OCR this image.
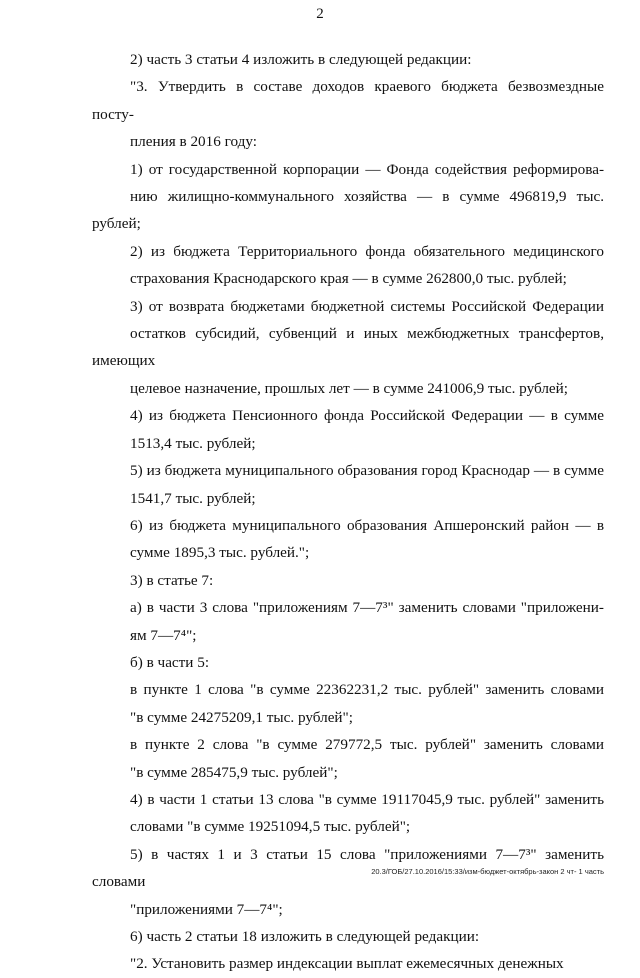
2
2) часть 3 статьи 4 изложить в следующей редакции:
"3. Утвердить в составе доходов краевого бюджета безвозмездные посту-
пления в 2016 году:
1) от государственной корпорации — Фонда содействия реформирова-
нию жилищно-коммунального хозяйства — в сумме 496819,9 тыс. рублей;
2) из бюджета Территориального фонда обязательного медицинского
страхования Краснодарского края — в сумме 262800,0 тыс. рублей;
3) от возврата бюджетами бюджетной системы Российской Федерации
остатков субсидий, субвенций и иных межбюджетных трансфертов, имеющих
целевое назначение, прошлых лет — в сумме 241006,9 тыс. рублей;
4) из бюджета Пенсионного фонда Российской Федерации — в сумме
1513,4 тыс. рублей;
5) из бюджета муниципального образования город Краснодар — в сумме
1541,7 тыс. рублей;
6) из бюджета муниципального образования Апшеронский район — в
сумме 1895,3 тыс. рублей.";
3) в статье 7:
а) в части 3 слова "приложениям 7—7³" заменить словами "приложени-
ям 7—7⁴";
б) в части 5:
в пункте 1 слова "в сумме 22362231,2 тыс. рублей" заменить словами
"в сумме 24275209,1 тыс. рублей";
в пункте 2 слова "в сумме 279772,5 тыс. рублей" заменить словами
"в сумме 285475,9 тыс. рублей";
4) в части 1 статьи 13 слова "в сумме 19117045,9 тыс. рублей" заменить
словами "в сумме 19251094,5 тыс. рублей";
5) в частях 1 и 3 статьи 15 слова "приложениями 7—7³" заменить словами
"приложениями 7—7⁴";
6) часть 2 статьи 18 изложить в следующей редакции:
"2. Установить размер индексации выплат ежемесячных денежных
20.3/ГОБ/27.10.2016/15:33/изм-бюджет-октябрь-закон 2 чт- 1 часть
